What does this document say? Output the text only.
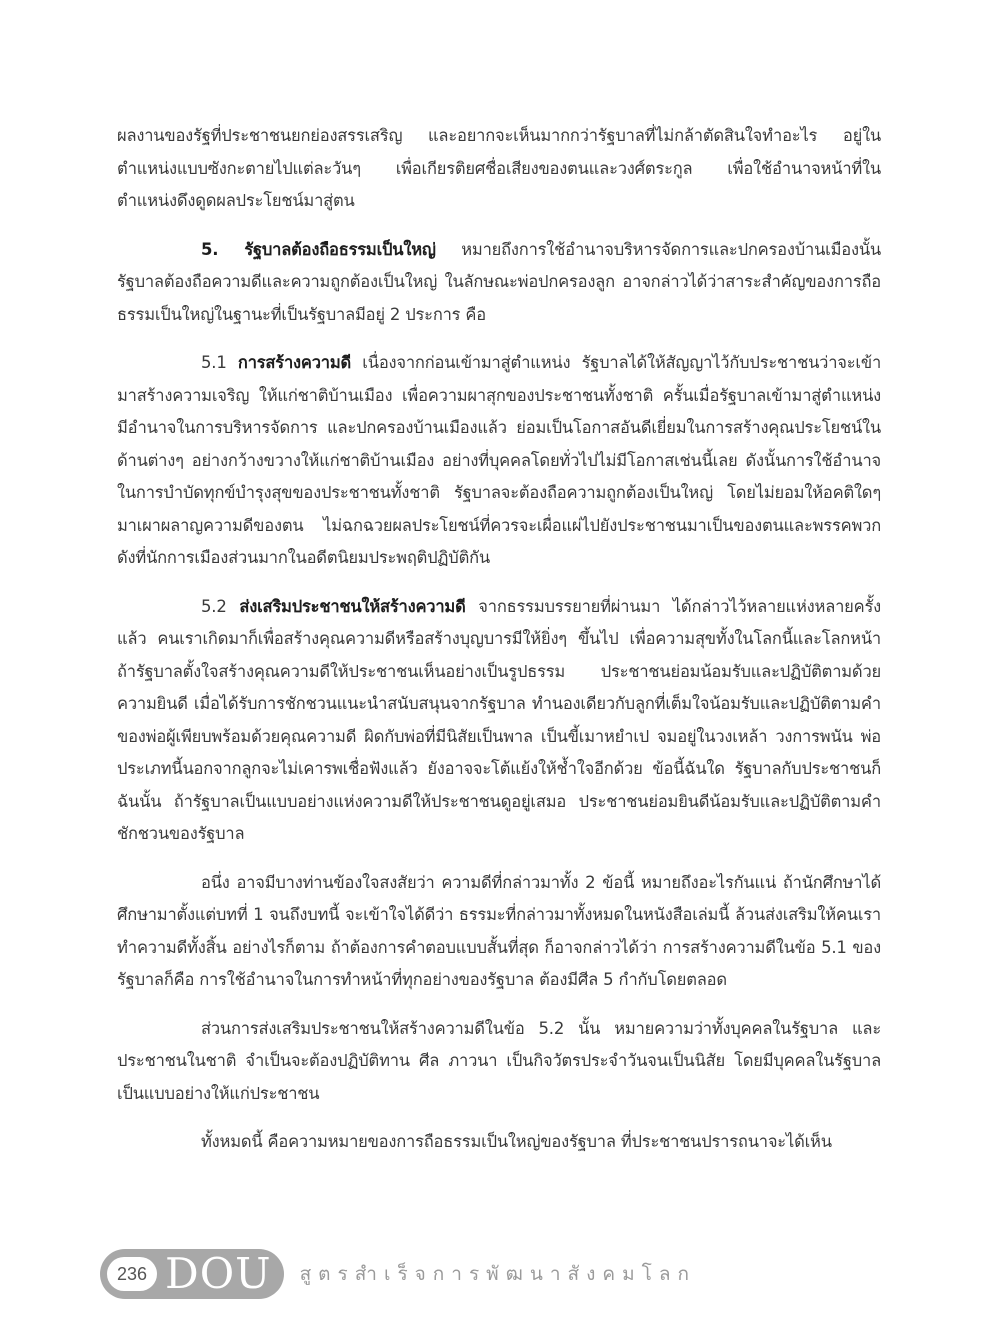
ผลงานของรัฐที่ประชาชนยกย่องสรรเสริญ และอยากจะเห็นมากกว่ารัฐบาลที่ไม่กล้าตัดสินใจทำอะไร อยู่ในตำแหน่งแบบซังกะตายไปแต่ละวันๆ เพื่อเกียรติยศชื่อเสียงของตนและวงศ์ตระกูล เพื่อใช้อำนาจหน้าที่ในตำแหน่งดึงดูดผลประโยชน์มาสู่ตน

5. รัฐบาลต้องถือธรรมเป็นใหญ่ หมายถึงการใช้อำนาจบริหารจัดการและปกครองบ้านเมืองนั้น รัฐบาลต้องถือความดีและความถูกต้องเป็นใหญ่ ในลักษณะพ่อปกครองลูก อาจกล่าวได้ว่าสาระสำคัญของการถือธรรมเป็นใหญ่ในฐานะที่เป็นรัฐบาลมีอยู่ 2 ประการ คือ

5.1 การสร้างความดี เนื่องจากก่อนเข้ามาสู่ตำแหน่ง รัฐบาลได้ให้สัญญาไว้กับประชาชนว่าจะเข้ามาสร้างความเจริญ ให้แก่ชาติบ้านเมือง เพื่อความผาสุกของประชาชนทั้งชาติ ครั้นเมื่อรัฐบาลเข้ามาสู่ตำแหน่ง มีอำนาจในการบริหารจัดการ และปกครองบ้านเมืองแล้ว ย่อมเป็นโอกาสอันดีเยี่ยมในการสร้างคุณประโยชน์ในด้านต่างๆ อย่างกว้างขวางให้แก่ชาติบ้านเมือง อย่างที่บุคคลโดยทั่วไปไม่มีโอกาสเช่นนี้เลย ดังนั้นการใช้อำนาจในการบำบัดทุกข์บำรุงสุขของประชาชนทั้งชาติ รัฐบาลจะต้องถือความถูกต้องเป็นใหญ่ โดยไม่ยอมให้อคติใดๆ มาเผาผลาญความดีของตน ไม่ฉกฉวยผลประโยชน์ที่ควรจะเผื่อแผ่ไปยังประชาชนมาเป็นของตนและพรรคพวก ดังที่นักการเมืองส่วนมากในอดีตนิยมประพฤติปฏิบัติกัน

5.2 ส่งเสริมประชาชนให้สร้างความดี จากธรรมบรรยายที่ผ่านมา ได้กล่าวไว้หลายแห่งหลายครั้งแล้ว คนเราเกิดมาก็เพื่อสร้างคุณความดีหรือสร้างบุญบารมีให้ยิ่งๆ ขึ้นไป เพื่อความสุขทั้งในโลกนี้และโลกหน้า ถ้ารัฐบาลตั้งใจสร้างคุณความดีให้ประชาชนเห็นอย่างเป็นรูปธรรม ประชาชนย่อมน้อมรับและปฏิบัติตามด้วยความยินดี เมื่อได้รับการชักชวนแนะนำสนับสนุนจากรัฐบาล ทำนองเดียวกับลูกที่เต็มใจน้อมรับและปฏิบัติตามคำของพ่อผู้เพียบพร้อมด้วยคุณความดี ผิดกับพ่อที่มีนิสัยเป็นพาล เป็นขี้เมาหยำเป จมอยู่ในวงเหล้า วงการพนัน พ่อประเภทนี้นอกจากลูกจะไม่เคารพเชื่อฟังแล้ว ยังอาจจะโต้แย้งให้ช้ำใจอีกด้วย ข้อนี้ฉันใด รัฐบาลกับประชาชนก็ฉันนั้น ถ้ารัฐบาลเป็นแบบอย่างแห่งความดีให้ประชาชนดูอยู่เสมอ ประชาชนย่อมยินดีน้อมรับและปฏิบัติตามคำชักชวนของรัฐบาล

อนึ่ง อาจมีบางท่านข้องใจสงสัยว่า ความดีที่กล่าวมาทั้ง 2 ข้อนี้ หมายถึงอะไรกันแน่ ถ้านักศึกษาได้ศึกษามาตั้งแต่บทที่ 1 จนถึงบทนี้ จะเข้าใจได้ดีว่า ธรรมะที่กล่าวมาทั้งหมดในหนังสือเล่มนี้ ล้วนส่งเสริมให้คนเราทำความดีทั้งสิ้น อย่างไรก็ตาม ถ้าต้องการคำตอบแบบสั้นที่สุด ก็อาจกล่าวได้ว่า การสร้างความดีในข้อ 5.1 ของรัฐบาลก็คือ การใช้อำนาจในการทำหน้าที่ทุกอย่างของรัฐบาล ต้องมีศีล 5 กำกับโดยตลอด

ส่วนการส่งเสริมประชาชนให้สร้างความดีในข้อ 5.2 นั้น หมายความว่าทั้งบุคคลในรัฐบาล และประชาชนในชาติ จำเป็นจะต้องปฏิบัติทาน ศีล ภาวนา เป็นกิจวัตรประจำวันจนเป็นนิสัย โดยมีบุคคลในรัฐบาลเป็นแบบอย่างให้แก่ประชาชน

ทั้งหมดนี้ คือความหมายของการถือธรรมเป็นใหญ่ของรัฐบาล ที่ประชาชนปรารถนาจะได้เห็น

236 DOU สูตรสำเร็จการพัฒนาสังคมโลก
